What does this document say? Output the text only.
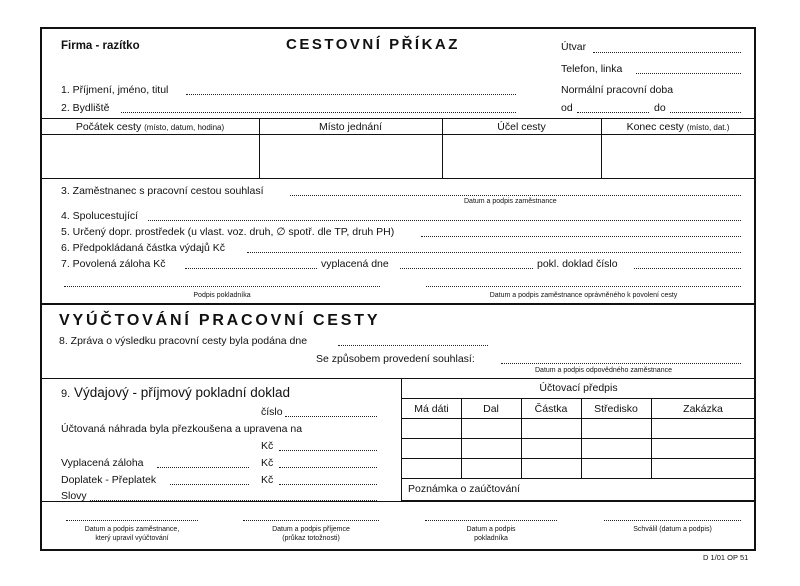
Firma - razítko	CESTOVNÍ PŘÍKAZ	Útvar
Telefon, linka
Normální pracovní doba
od	do
1. Příjmení, jméno, titul
2. Bydliště
Počátek cesty (místo, datum, hodina)	Místo jednání	Účel cesty	Konec cesty (místo, dat.)
3. Zaměstnanec s pracovní cestou souhlasí
Datum a podpis zaměstnance
4. Spolucestující
5. Určený dopr. prostředek (u vlast. voz. druh, ∅ spotř. dle TP, druh PH)
6. Předpokládaná částka výdajů Kč
7. Povolená záloha Kč	vyplacená dne	pokl. doklad číslo
Podpis pokladníka	Datum a podpis zaměstnance oprávněného k povolení cesty
VYÚČTOVÁNÍ PRACOVNÍ CESTY
8. Zpráva o výsledku pracovní cesty byla podána dne
Se způsobem provedení souhlasí:
Datum a podpis odpovědného zaměstnance
9. Výdajový - příjmový pokladní doklad
číslo
Účtovaná náhrada byla přezkoušena a upravena na
Kč
Vyplacená záloha	Kč
Doplatek - Přeplatek	Kč
Slovy
Účtovací předpis
Má dáti	Dal	Částka	Středisko	Zakázka
Poznámka o zaúčtování
Datum a podpis zaměstnance,
který upravil vyúčtování
Datum a podpis příjemce
(průkaz totožnosti)
Datum a podpis
pokladníka
Schválil (datum a podpis)
D 1/01 OP 51
